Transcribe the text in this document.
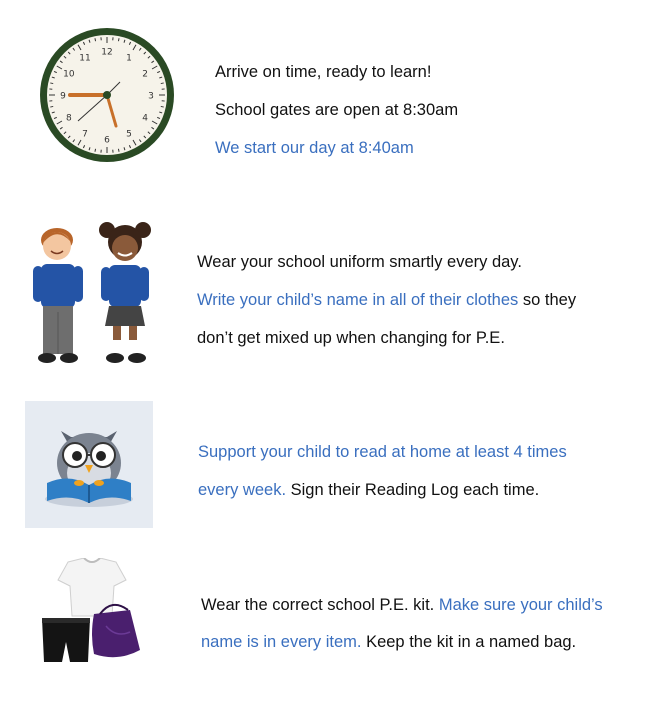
12
1
2
3
4
5
6
7
8
9
10
11
Arrive on time, ready to learn!
School gates are open at 8:30am
We start our day at 8:40am
Wear your school uniform smartly every day.
Write your child’s name in all of their clothes so they
don’t get mixed up when changing for P.E.
Support your child to read at home at least 4 times
every week. Sign their Reading Log each time.
Wear the correct school P.E. kit. Make sure your child’s
name is in every item. Keep the kit in a named bag.
